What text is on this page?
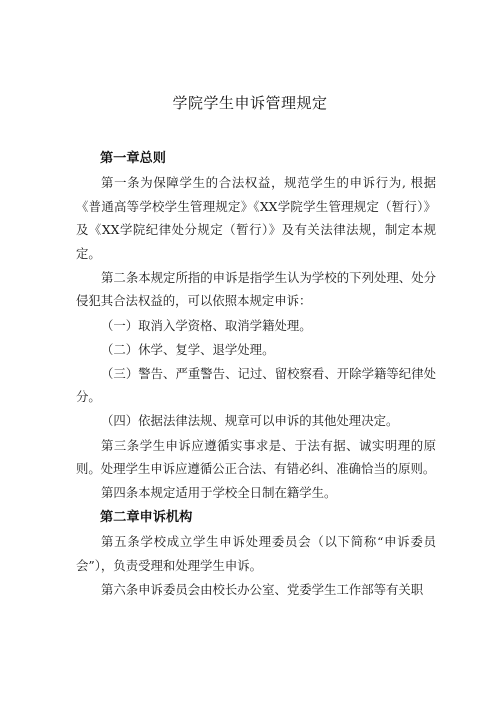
学院学生申诉管理规定
第一章总则

第一条为保障学生的合法权益，规范学生的申诉行为, 根据《普通高等学校学生管理规定》《XX学院学生管理规定（暂行）》及《XX学院纪律处分规定（暂行）》及有关法律法规，制定本规定。

第二条本规定所指的申诉是指学生认为学校的下列处理、处分侵犯其合法权益的，可以依照本规定申诉：

（一）取消入学资格、取消学籍处理。

（二）休学、复学、退学处理。

（三）警告、严重警告、记过、留校察看、开除学籍等纪律处分。

（四）依据法律法规、规章可以申诉的其他处理决定。

第三条学生申诉应遵循实事求是、于法有据、诚实明理的原则。处理学生申诉应遵循公正合法、有错必纠、准确恰当的原则。

第四条本规定适用于学校全日制在籍学生。

第二章申诉机构

第五条学校成立学生申诉处理委员会（以下简称“申诉委员会”），负责受理和处理学生申诉。

第六条申诉委员会由校长办公室、党委学生工作部等有关职
